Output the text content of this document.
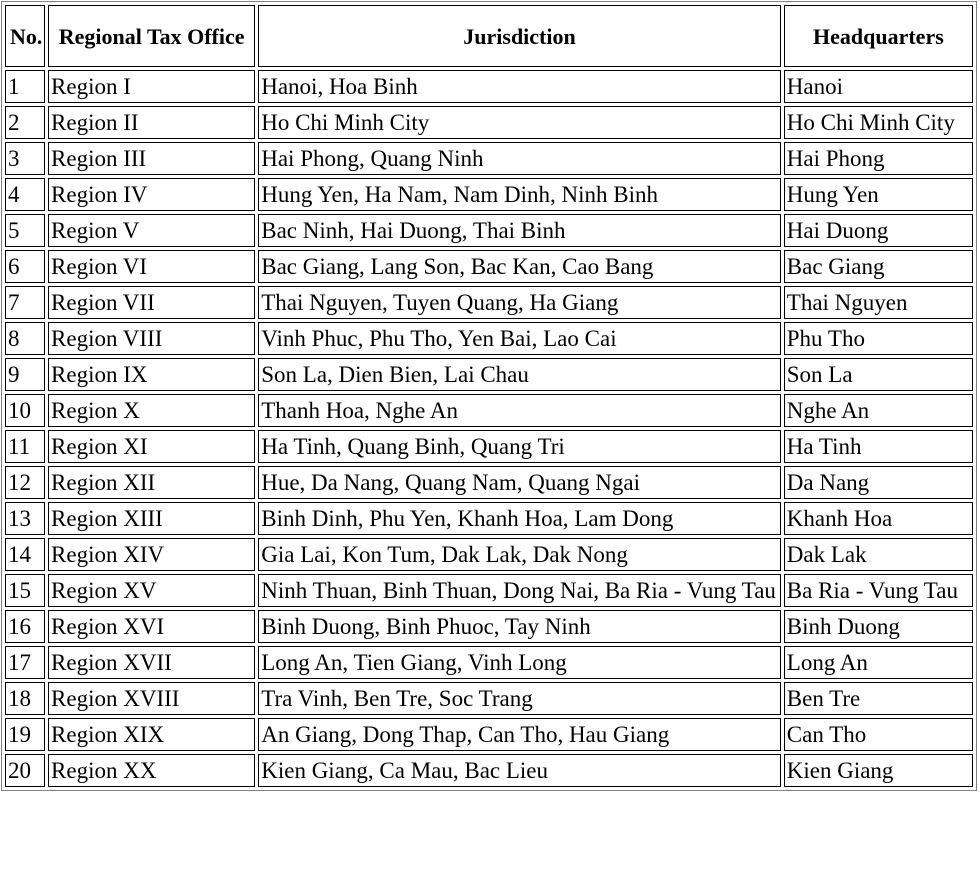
No.	Regional Tax Office	Jurisdiction	Headquarters
1	Region I	Hanoi, Hoa Binh	Hanoi
2	Region II	Ho Chi Minh City	Ho Chi Minh City
3	Region III	Hai Phong, Quang Ninh	Hai Phong
4	Region IV	Hung Yen, Ha Nam, Nam Dinh, Ninh Binh	Hung Yen
5	Region V	Bac Ninh, Hai Duong, Thai Binh	Hai Duong
6	Region VI	Bac Giang, Lang Son, Bac Kan, Cao Bang	Bac Giang
7	Region VII	Thai Nguyen, Tuyen Quang, Ha Giang	Thai Nguyen
8	Region VIII	Vinh Phuc, Phu Tho, Yen Bai, Lao Cai	Phu Tho
9	Region IX	Son La, Dien Bien, Lai Chau	Son La
10	Region X	Thanh Hoa, Nghe An	Nghe An
11	Region XI	Ha Tinh, Quang Binh, Quang Tri	Ha Tinh
12	Region XII	Hue, Da Nang, Quang Nam, Quang Ngai	Da Nang
13	Region XIII	Binh Dinh, Phu Yen, Khanh Hoa, Lam Dong	Khanh Hoa
14	Region XIV	Gia Lai, Kon Tum, Dak Lak, Dak Nong	Dak Lak
15	Region XV	Ninh Thuan, Binh Thuan, Dong Nai, Ba Ria - Vung Tau	Ba Ria - Vung Tau
16	Region XVI	Binh Duong, Binh Phuoc, Tay Ninh	Binh Duong
17	Region XVII	Long An, Tien Giang, Vinh Long	Long An
18	Region XVIII	Tra Vinh, Ben Tre, Soc Trang	Ben Tre
19	Region XIX	An Giang, Dong Thap, Can Tho, Hau Giang	Can Tho
20	Region XX	Kien Giang, Ca Mau, Bac Lieu	Kien Giang
